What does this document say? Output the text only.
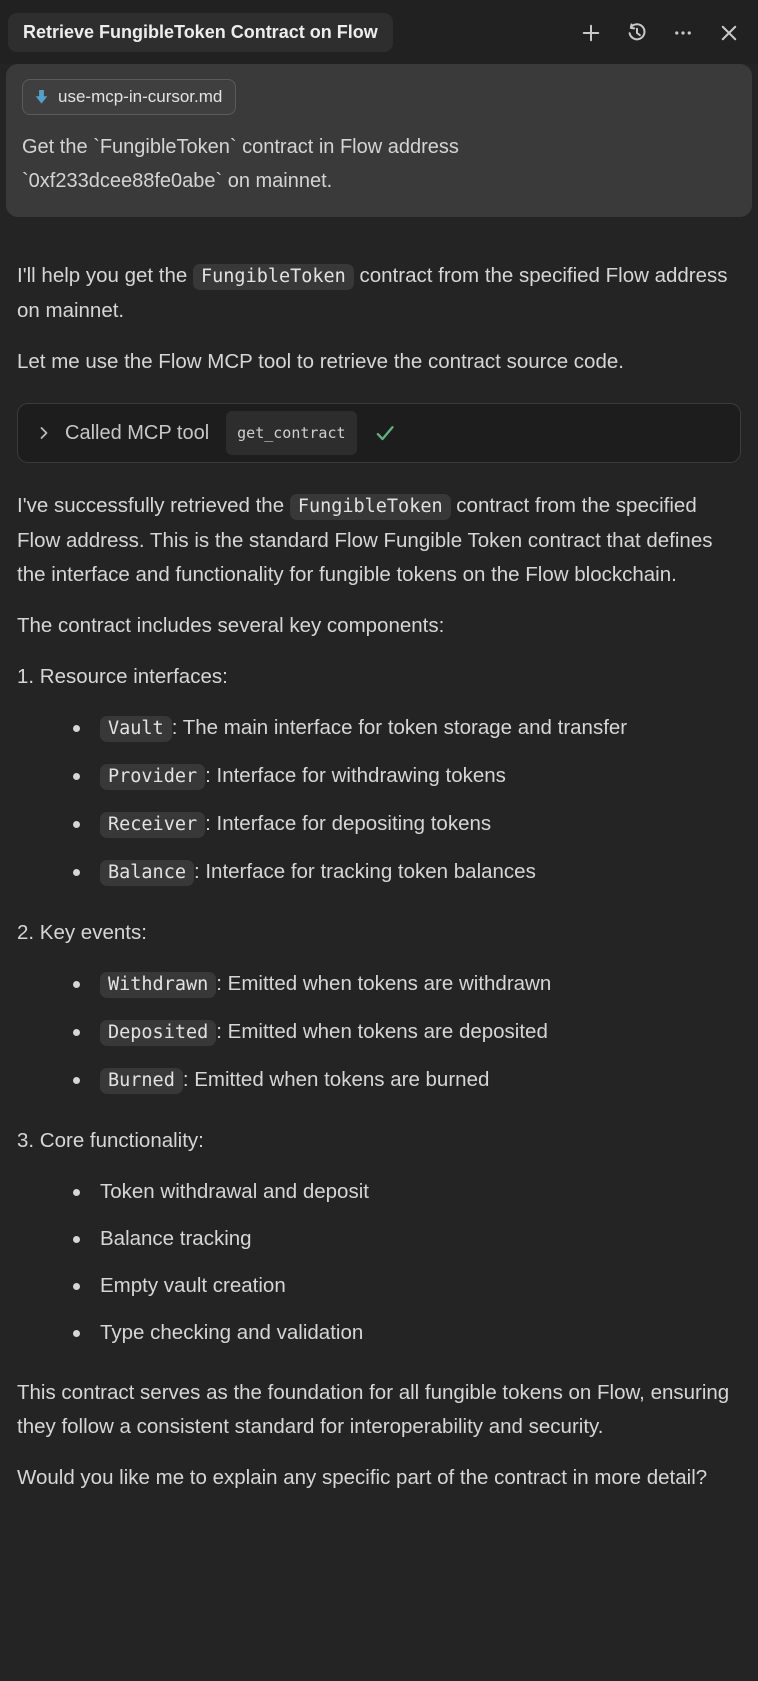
Retrieve FungibleToken Contract on Flow
use-mcp-in-cursor.md
Get the `FungibleToken` contract in Flow address `0xf233dcee88fe0abe` on mainnet.

I'll help you get the FungibleToken contract from the specified Flow address on mainnet.

Let me use the Flow MCP tool to retrieve the contract source code.

Called MCP tool	get_contract

I've successfully retrieved the FungibleToken contract from the specified Flow address. This is the standard Flow Fungible Token contract that defines the interface and functionality for fungible tokens on the Flow blockchain.

The contract includes several key components:

1. Resource interfaces:

Vault : The main interface for token storage and transfer
Provider : Interface for withdrawing tokens
Receiver : Interface for depositing tokens
Balance : Interface for tracking token balances

2. Key events:

Withdrawn : Emitted when tokens are withdrawn
Deposited : Emitted when tokens are deposited
Burned : Emitted when tokens are burned

3. Core functionality:

Token withdrawal and deposit
Balance tracking
Empty vault creation
Type checking and validation

This contract serves as the foundation for all fungible tokens on Flow, ensuring they follow a consistent standard for interoperability and security.

Would you like me to explain any specific part of the contract in more detail?
